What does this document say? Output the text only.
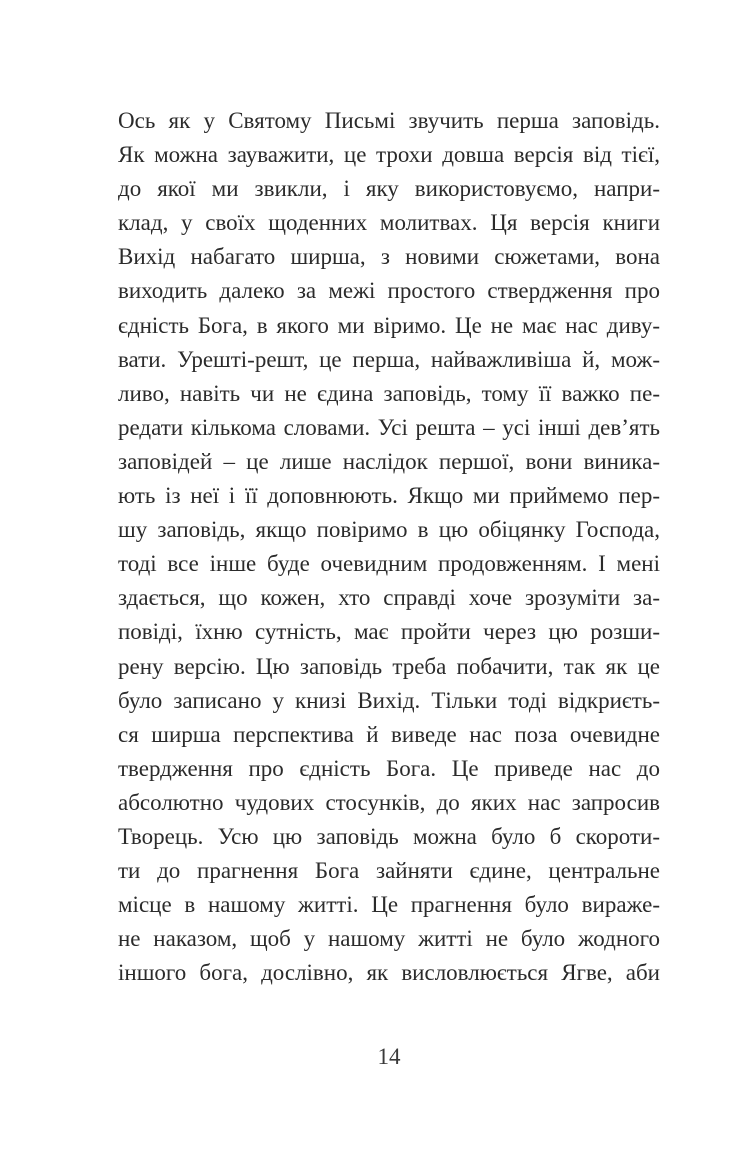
Ось як у Святому Письмі звучить перша заповідь.
Як можна зауважити, це трохи довша версія від тієї,
до якої ми звикли, і яку використовуємо, напри-
клад, у своїх щоденних молитвах. Ця версія книги
Вихід набагато ширша, з новими сюжетами, вона
виходить далеко за межі простого ствердження про
єдність Бога, в якого ми віримо. Це не має нас диву-
вати. Урешті-решт, це перша, найважливіша й, мож-
ливо, навіть чи не єдина заповідь, тому її важко пе-
редати кількома словами. Усі решта – усі інші дев’ять
заповідей – це лише наслідок першої, вони виника-
ють із неї і її доповнюють. Якщо ми приймемо пер-
шу заповідь, якщо повіримо в цю обіцянку Господа,
тоді все інше буде очевидним продовженням. І мені
здається, що кожен, хто справді хоче зрозуміти за-
повіді, їхню сутність, має пройти через цю розши-
рену версію. Цю заповідь треба побачити, так як це
було записано у книзі Вихід. Тільки тоді відкриєть-
ся ширша перспектива й виведе нас поза очевидне
твердження про єдність Бога. Це приведе нас до
абсолютно чудових стосунків, до яких нас запросив
Творець. Усю цю заповідь можна було б скороти-
ти до прагнення Бога зайняти єдине, центральне
місце в нашому житті. Це прагнення було вираже-
не наказом, щоб у нашому житті не було жодного
іншого бога, дослівно, як висловлюється Ягве, аби
14
